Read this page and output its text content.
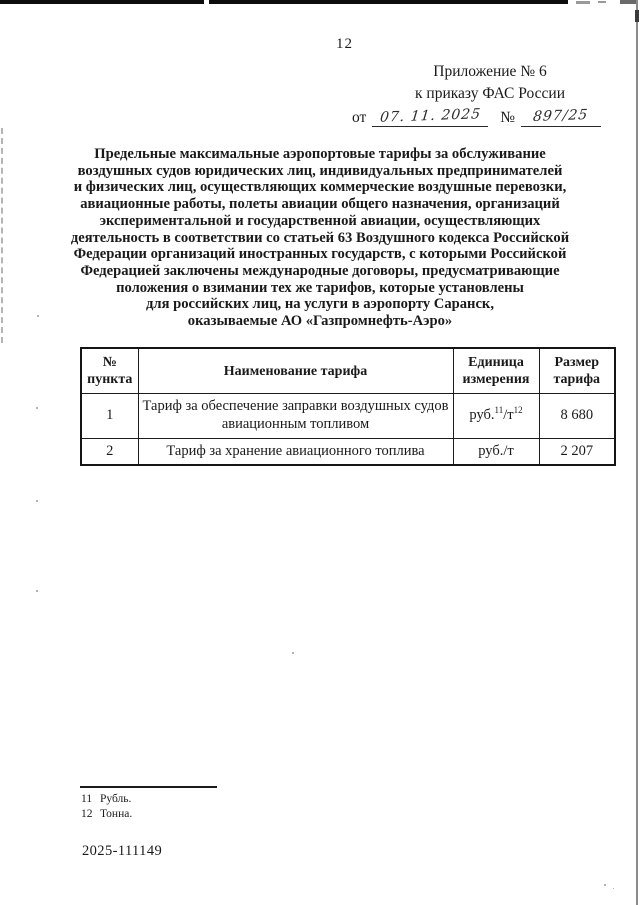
12
Приложение № 6
к приказу ФАС России
от 07. 11. 2025 № 897/25
Предельные максимальные аэропортовые тарифы за обслуживание
воздушных судов юридических лиц, индивидуальных предпринимателей
и физических лиц, осуществляющих коммерческие воздушные перевозки,
авиационные работы, полеты авиации общего назначения, организаций
экспериментальной и государственной авиации, осуществляющих
деятельность в соответствии со статьей 63 Воздушного кодекса Российской
Федерации организаций иностранных государств, с которыми Российской
Федерацией заключены международные договоры, предусматривающие
положения о взимании тех же тарифов, которые установлены
для российских лиц, на услуги в аэропорту Саранск,
оказываемые АО «Газпромнефть-Аэро»
№ пункта	Наименование тарифа	Единица измерения	Размер тарифа
1	Тариф за обеспечение заправки воздушных судов авиационным топливом	руб.$^{11}$/т$^{12}$	8 680
2	Тариф за хранение авиационного топлива	руб./т	2 207
11 Рубль.
12 Тонна.
2025-111149
